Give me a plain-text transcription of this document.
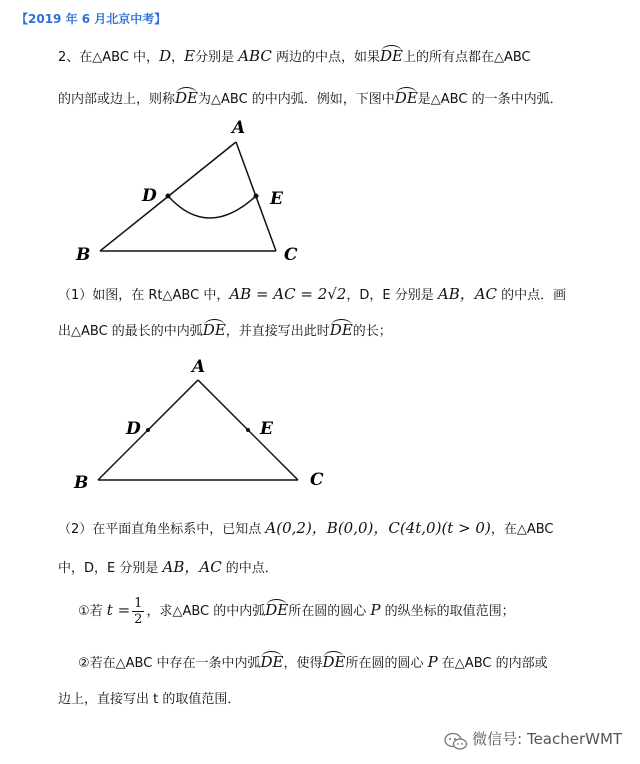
【2019 年 6 月北京中考】
2、在△ABC 中，D，E分别是 ABC 两边的中点，如果DE上的所有点都在△ABC
的内部或边上，则称DE为△ABC 的中内弧．例如，下图中DE是△ABC 的一条中内弧．
A
B	C
D	E
（1）如图，在 Rt△ABC 中，AB = AC = 2√2，D，E 分别是 AB，AC 的中点．画
出△ABC 的最长的中内弧DE，并直接写出此时DE的长；
A
B	C
D	E
（2）在平面直角坐标系中，已知点 A(0,2)，B(0,0)，C(4t,0)(t > 0)，在△ABC
中，D，E 分别是 AB，AC 的中点．
①若 $t = \frac{1}{2}$ ，求△ABC 的中内弧DE所在圆的圆心 P 的纵坐标的取值范围；
②若在△ABC 中存在一条中内弧DE，使得DE所在圆的圆心 P 在△ABC 的内部或
边上，直接写出 t 的取值范围．
微信号: TeacherWMT
